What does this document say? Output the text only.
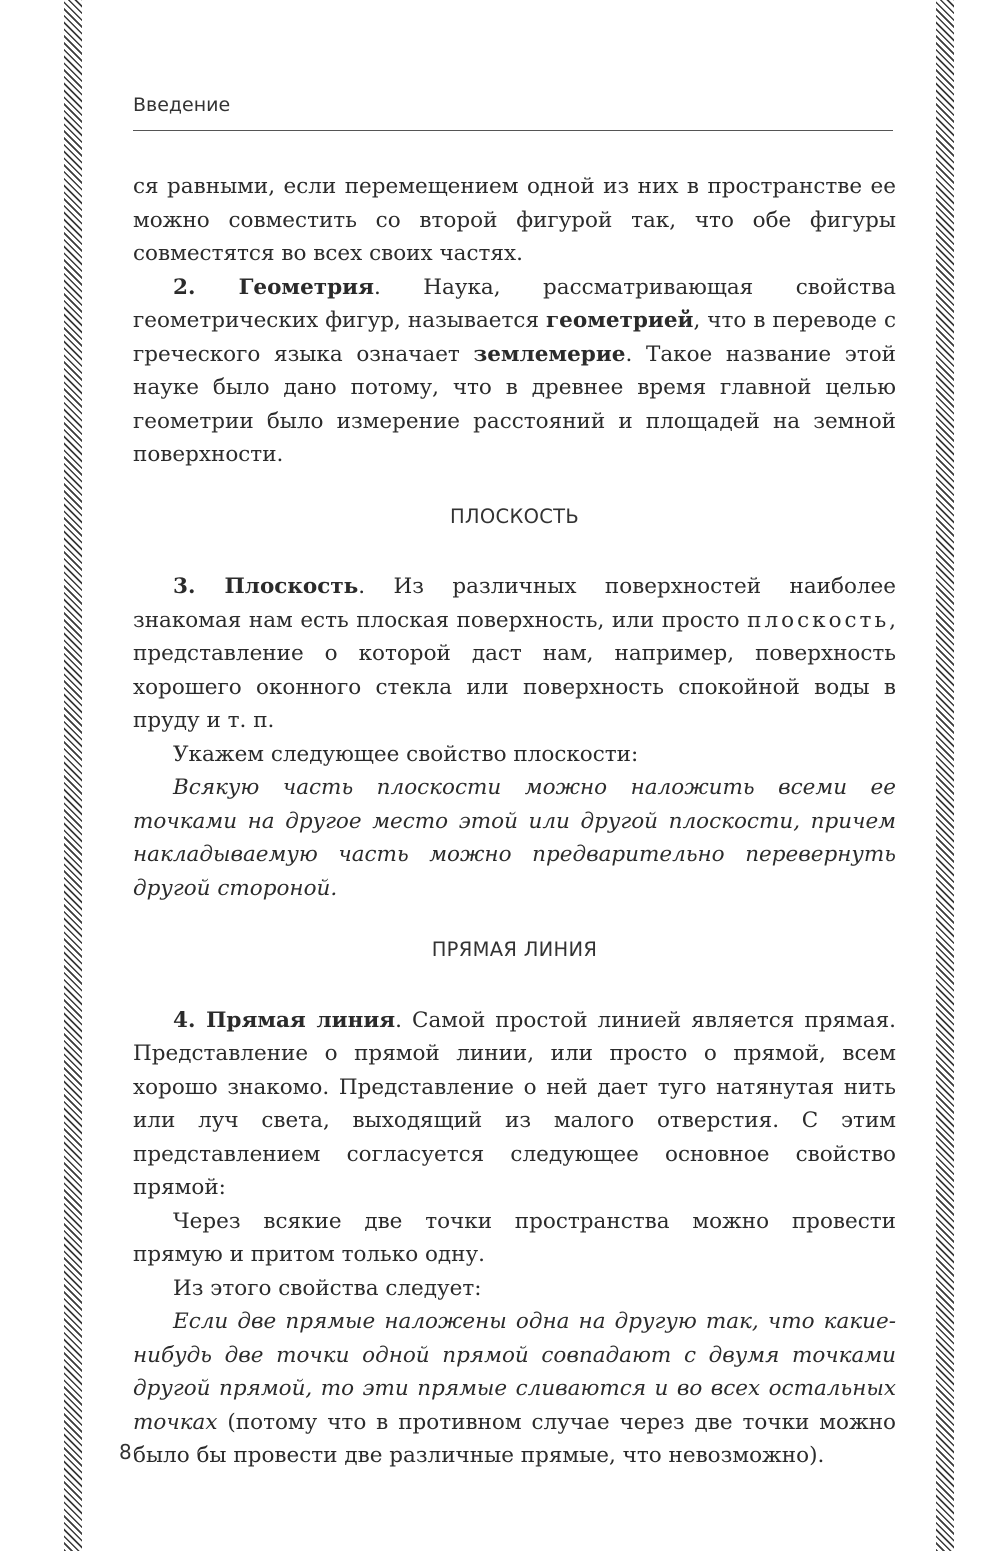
Введение

ся равными, если перемещением одной из них в пространстве ее можно совместить со второй фигурой так, что обе фигуры совместятся во всех своих частях.

2. Геометрия. Наука, рассматривающая свойства геометрических фигур, называется геометрией, что в переводе с греческого языка означает землемерие. Такое название этой науке было дано потому, что в древнее время главной целью геометрии было измерение расстояний и площадей на земной поверхности.

ПЛОСКОСТЬ

3. Плоскость. Из различных поверхностей наиболее знакомая нам есть плоская поверхность, или просто плоскость, представление о которой даст нам, например, поверхность хорошего оконного стекла или поверхность спокойной воды в пруду и т. п.

Укажем следующее свойство плоскости:

Всякую часть плоскости можно наложить всеми ее точками на другое место этой или другой плоскости, причем накладываемую часть можно предварительно перевернуть другой стороной.

ПРЯМАЯ ЛИНИЯ

4. Прямая линия. Самой простой линией является прямая. Представление о прямой линии, или просто о прямой, всем хорошо знакомо. Представление о ней дает туго натянутая нить или луч света, выходящий из малого отверстия. С этим представлением согласуется следующее основное свойство прямой:

Через всякие две точки пространства можно провести прямую и притом только одну.

Из этого свойства следует:

Если две прямые наложены одна на другую так, что какие-нибудь две точки одной прямой совпадают с двумя точками другой прямой, то эти прямые сливаются и во всех остальных точках (потому что в противном случае через две точки можно было бы провести две различные прямые, что невозможно).

8
